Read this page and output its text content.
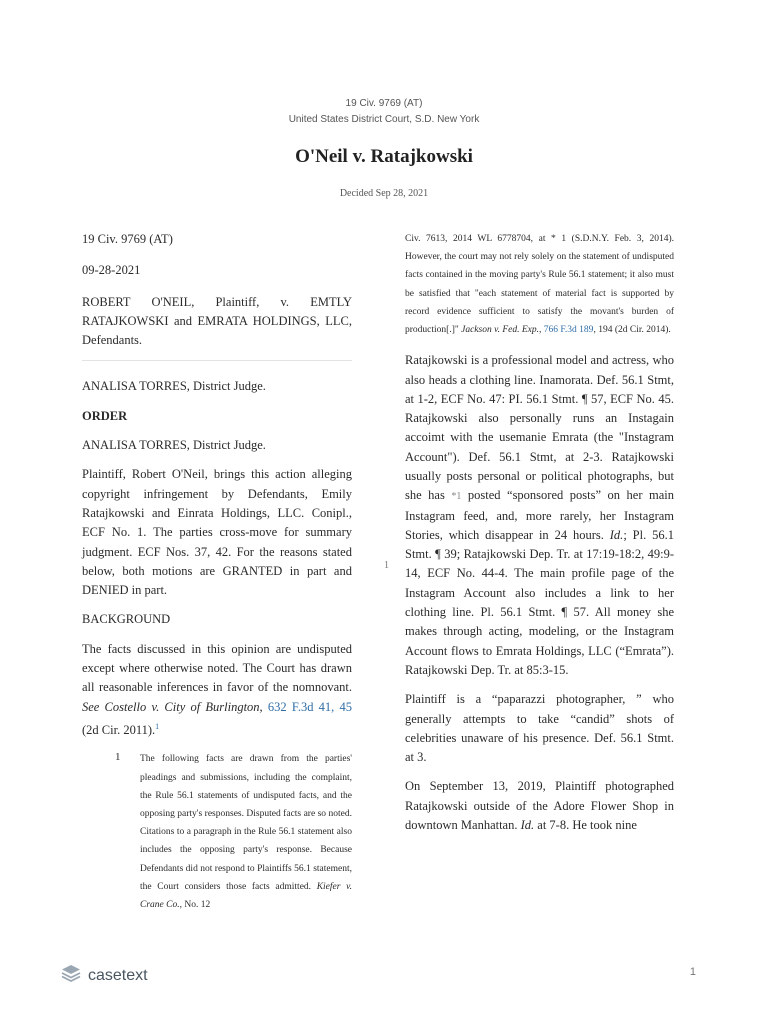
19 Civ. 9769 (AT)
United States District Court, S.D. New York
O'Neil v. Ratajkowski
Decided Sep 28, 2021

19 Civ. 9769 (AT)

09-28-2021

ROBERT O'NEIL, Plaintiff, v. EMTLY RATAJKOWSKI and EMRATA HOLDINGS, LLC, Defendants.

ANALISA TORRES, District Judge.

ORDER

ANALISA TORRES, District Judge.

Plaintiff, Robert O'Neil, brings this action alleging copyright infringement by Defendants, Emily Ratajkowski and Einrata Holdings, LLC. Conipl., ECF No. 1. The parties cross-move for summary judgment. ECF Nos. 37, 42. For the reasons stated below, both motions are GRANTED in part and DENIED in part.

BACKGROUND

The facts discussed in this opinion are undisputed except where otherwise noted. The Court has drawn all reasonable inferences in favor of the nomnovant. See Costello v. City of Burlington, 632 F.3d 41, 45 (2d Cir. 2011).$^1$

1 The following facts are drawn from the parties' pleadings and submissions, including the complaint, the Rule 56.1 statements of undisputed facts, and the opposing party's responses. Disputed facts are so noted. Citations to a paragraph in the Rule 56.1 statement also includes the opposing party's response. Because Defendants did not respond to Plaintiffs 56.1 statement, the Court considers those facts admitted. Kiefer v. Crane Co., No. 12
1

Civ. 7613, 2014 WL 6778704, at * 1 (S.D.N.Y. Feb. 3, 2014). However, the court may not rely solely on the statement of undisputed facts contained in the moving party's Rule 56.1 statement; it also must be satisfied that "each statement of material fact is supported by record evidence sufficient to satisfy the movant's burden of production[.]" Jackson v. Fed. Exp., 766 F.3d 189, 194 (2d Cir. 2014).

Ratajkowski is a professional model and actress, who also heads a clothing line. Inamorata. Def. 56.1 Stmt, at 1-2, ECF No. 47: PI. 56.1 Stmt. ¶ 57, ECF No. 45. Ratajkowski also personally runs an Instagain accoimt with the usemanie Emrata (the "Instagram Account"). Def. 56.1 Stmt, at 2-3. Ratajkowski usually posts personal or political photographs, but she has *1 posted “sponsored posts” on her main Instagram feed, and, more rarely, her Instagram Stories, which disappear in 24 hours. Id.; Pl. 56.1 Stmt. ¶ 39; Ratajkowski Dep. Tr. at 17:19-18:2, 49:9-14, ECF No. 44-4. The main profile page of the Instagram Account also includes a link to her clothing line. Pl. 56.1 Stmt. ¶ 57. All money she makes through acting, modeling, or the Instagram Account flows to Emrata Holdings, LLC (“Emrata”). Ratajkowski Dep. Tr. at 85:3-15.

Plaintiff is a “paparazzi photographer, ” who generally attempts to take “candid” shots of celebrities unaware of his presence. Def. 56.1 Stmt. at 3.

On September 13, 2019, Plaintiff photographed Ratajkowski outside of the Adore Flower Shop in downtown Manhattan. Id. at 7-8. He took nine

casetext	1
